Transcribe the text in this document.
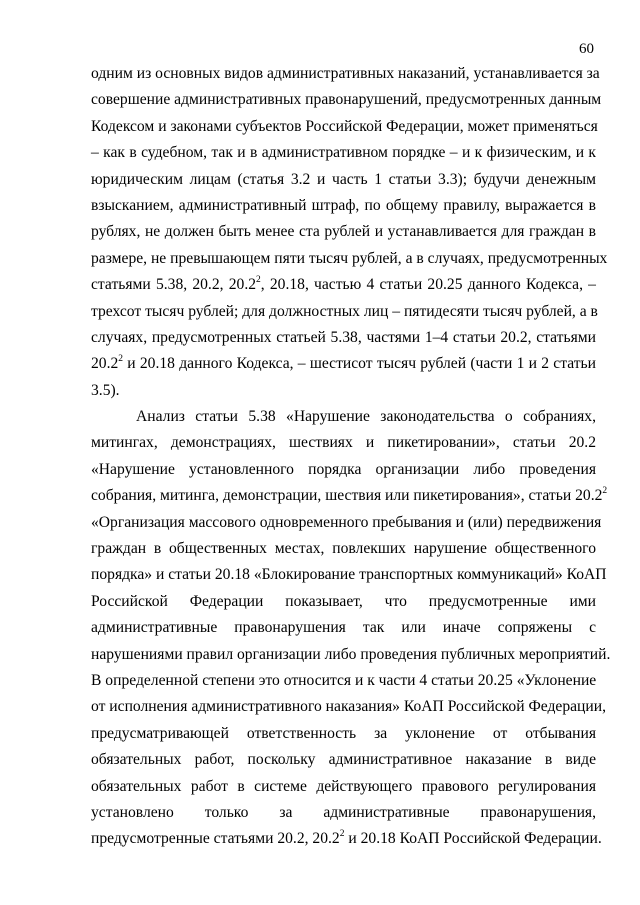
60
одним из основных видов административных наказаний, устанавливается за
совершение административных правонарушений, предусмотренных данным
Кодексом и законами субъектов Российской Федерации, может применяться
– как в судебном, так и в административном порядке – и к физическим, и к
юридическим лицам (статья 3.2 и часть 1 статьи 3.3); будучи денежным
взысканием, административный штраф, по общему правилу, выражается в
рублях, не должен быть менее ста рублей и устанавливается для граждан в
размере, не превышающем пяти тысяч рублей, а в случаях, предусмотренных
статьями 5.38, 20.2, 20.2$^2$, 20.18, частью 4 статьи 20.25 данного Кодекса, –
трехсот тысяч рублей; для должностных лиц – пятидесяти тысяч рублей, а в
случаях, предусмотренных статьей 5.38, частями 1–4 статьи 20.2, статьями
20.2$^2$ и 20.18 данного Кодекса, – шестисот тысяч рублей (части 1 и 2 статьи
3.5).
Анализ статьи 5.38 «Нарушение законодательства о собраниях,
митингах, демонстрациях, шествиях и пикетировании», статьи 20.2
«Нарушение установленного порядка организации либо проведения
собрания, митинга, демонстрации, шествия или пикетирования», статьи 20.2$^2$
«Организация массового одновременного пребывания и (или) передвижения
граждан в общественных местах, повлекших нарушение общественного
порядка» и статьи 20.18 «Блокирование транспортных коммуникаций» КоАП
Российской Федерации показывает, что предусмотренные ими
административные правонарушения так или иначе сопряжены с
нарушениями правил организации либо проведения публичных мероприятий.
В определенной степени это относится и к части 4 статьи 20.25 «Уклонение
от исполнения административного наказания» КоАП Российской Федерации,
предусматривающей ответственность за уклонение от отбывания
обязательных работ, поскольку административное наказание в виде
обязательных работ в системе действующего правового регулирования
установлено только за административные правонарушения,
предусмотренные статьями 20.2, 20.2$^2$ и 20.18 КоАП Российской Федерации.
